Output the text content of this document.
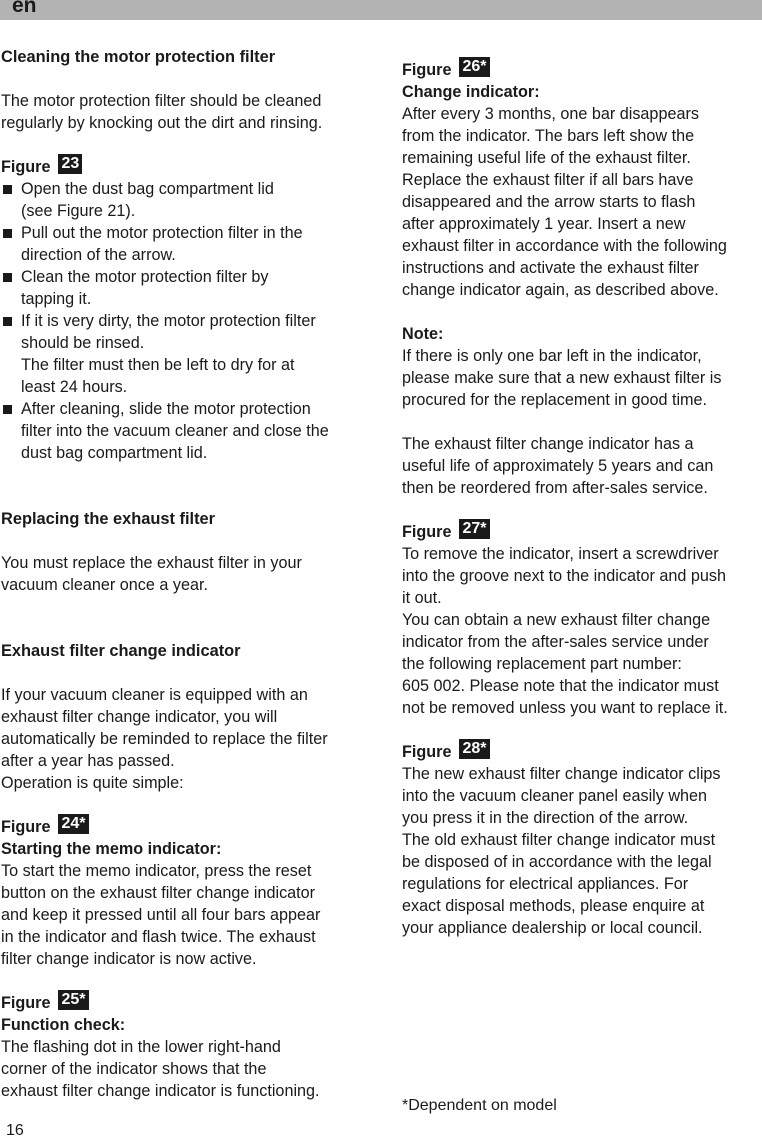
en
Cleaning the motor protection filter

The motor protection filter should be cleaned
regularly by knocking out the dirt and rinsing.

Figure 23
Open the dust bag compartment lid
(see Figure 21).
Pull out the motor protection filter in the
direction of the arrow.
Clean the motor protection filter by
tapping it.
If it is very dirty, the motor protection filter
should be rinsed.
The filter must then be left to dry for at
least 24 hours.
After cleaning, slide the motor protection
filter into the vacuum cleaner and close the
dust bag compartment lid.
Replacing the exhaust filter

You must replace the exhaust filter in your
vacuum cleaner once a year.

Exhaust filter change indicator

If your vacuum cleaner is equipped with an
exhaust filter change indicator, you will
automatically be reminded to replace the filter
after a year has passed.
Operation is quite simple:

Figure 24*

Starting the memo indicator:

To start the memo indicator, press the reset
button on the exhaust filter change indicator
and keep it pressed until all four bars appear
in the indicator and flash twice. The exhaust
filter change indicator is now active.

Figure 25*

Function check:

The flashing dot in the lower right-hand
corner of the indicator shows that the
exhaust filter change indicator is functioning.

Figure 26*

Change indicator:

After every 3 months, one bar disappears
from the indicator. The bars left show the
remaining useful life of the exhaust filter.
Replace the exhaust filter if all bars have
disappeared and the arrow starts to flash
after approximately 1 year. Insert a new
exhaust filter in accordance with the following
instructions and activate the exhaust filter
change indicator again, as described above.

Note:

If there is only one bar left in the indicator,
please make sure that a new exhaust filter is
procured for the replacement in good time.

The exhaust filter change indicator has a
useful life of approximately 5 years and can
then be reordered from after-sales service.

Figure 27*

To remove the indicator, insert a screwdriver
into the groove next to the indicator and push
it out.
You can obtain a new exhaust filter change
indicator from the after-sales service under
the following replacement part number:
605 002. Please note that the indicator must
not be removed unless you want to replace it.

Figure 28*

The new exhaust filter change indicator clips
into the vacuum cleaner panel easily when
you press it in the direction of the arrow.
The old exhaust filter change indicator must
be disposed of in accordance with the legal
regulations for electrical appliances. For
exact disposal methods, please enquire at
your appliance dealership or local council.

*Dependent on model
16
